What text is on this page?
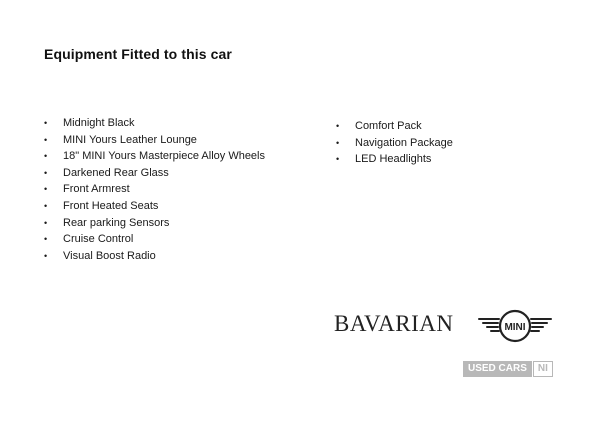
Equipment Fitted to this car
• Midnight Black
• MINI Yours Leather Lounge
• 18" MINI Yours Masterpiece Alloy Wheels
• Darkened Rear Glass
• Front Armrest
• Front Heated Seats
• Rear parking Sensors
• Cruise Control
• Visual Boost Radio
• Comfort Pack
• Navigation Package
• LED Headlights
BAVARIAN	MINI
USED CARS	NI
